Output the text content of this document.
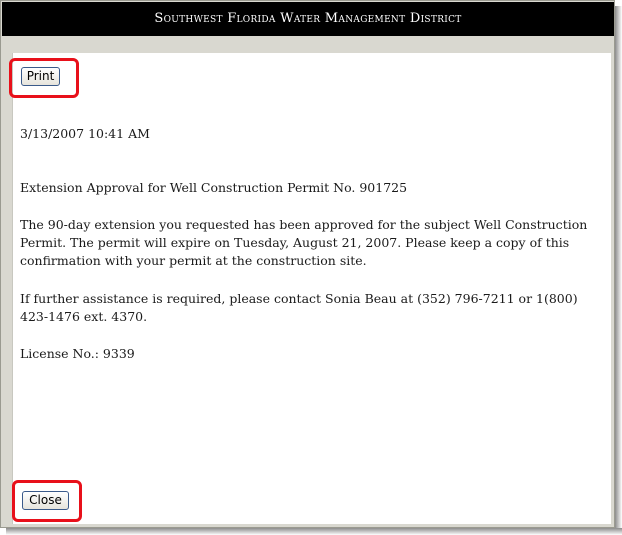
Southwest Florida Water Management District
Print
3/13/2007 10:41 AM
Extension Approval for Well Construction Permit No. 901725
The 90-day extension you requested has been approved for the subject Well Construction Permit. The permit will expire on Tuesday, August 21, 2007. Please keep a copy of this confirmation with your permit at the construction site.
If further assistance is required, please contact Sonia Beau at (352) 796-7211 or 1(800) 423-1476 ext. 4370.
License No.: 9339
Close
